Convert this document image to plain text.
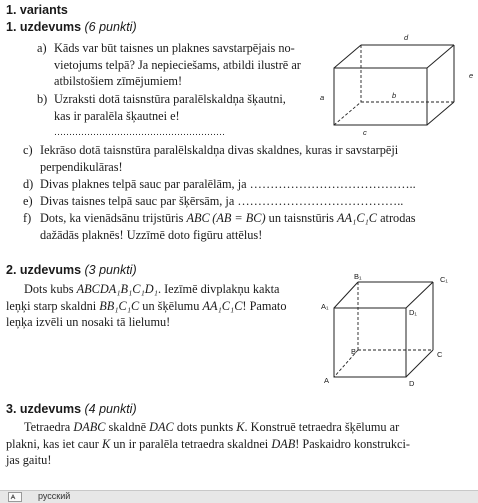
1. variants
1. uzdevums (6 punkti)
a) Kāds var būt taisnes un plaknes savstarpējais no-
vietojums telpā? Ja nepieciešams, atbildi ilustrē ar
atbilstošiem zīmējumiem!
b) Uzraksti dotā taisnstūra paralēlskaldņa šķautni,
kas ir paralēla šķautnei e!
…………………………………………………
d
e
a	b
c
c) Iekrāso dotā taisnstūra paralēlskaldņa divas skaldnes, kuras ir savstarpēji
perpendikulāras!
d) Divas plaknes telpā sauc par paralēlām, ja …………………………………..
e) Divas taisnes telpā sauc par šķērsām, ja …………………………………..
f) Dots, ka vienādsānu trijstūris ABC  (AB = BC) un taisnstūris AA₁C₁C atrodas
dažādās plaknēs! Uzzīmē doto figūru attēlus!
2. uzdevums (3 punkti)
Dots kubs ABCDA₁B₁C₁D₁. Iezīmē divplakņu kakta
leņķi starp skaldni BB₁C₁C un šķēlumu AA₁C₁C! Pamato
leņķa izvēli un nosaki tā lielumu!
B₁	C₁
A₁
D₁
B	C
A	D
3. uzdevums (4 punkti)
Tetraedra DABC skaldnē DAC dots punkts K. Konstruē tetraedra šķēlumu ar
plakni, kas iet caur K un ir paralēla tetraedra skaldnei DAB! Paskaidro konstrukci-
jas gaitu!
русский
